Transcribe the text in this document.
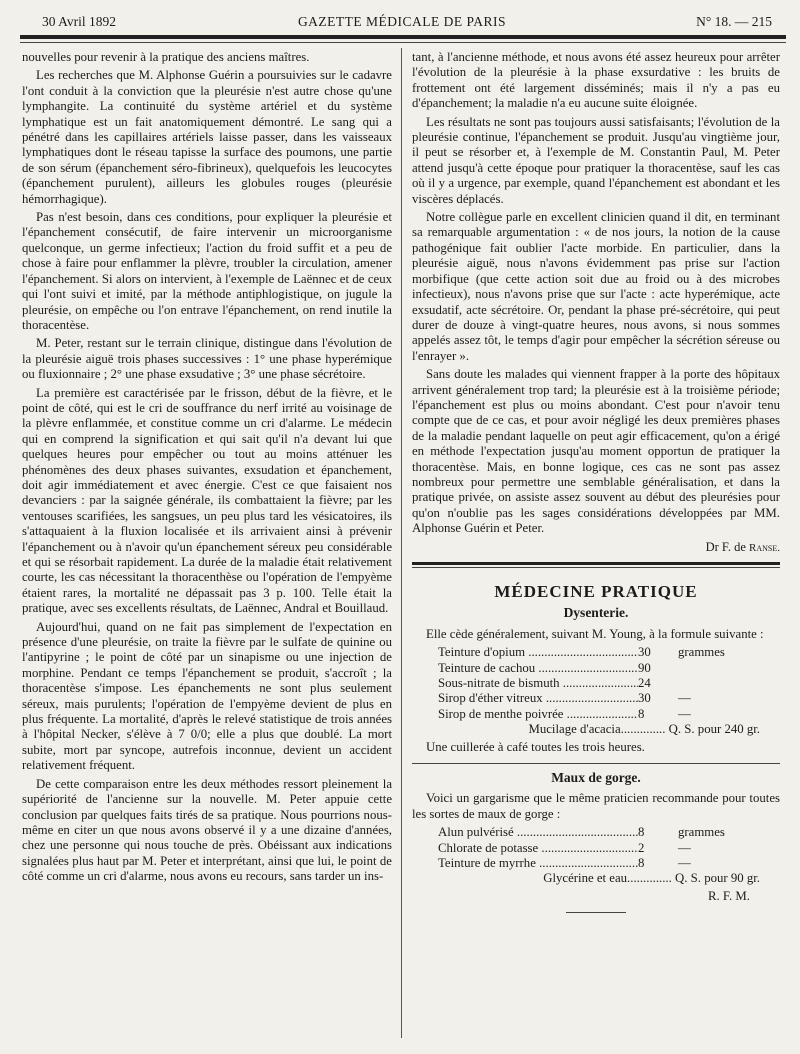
30 Avril 1892	GAZETTE MÉDICALE DE PARIS	N° 18. — 215

nouvelles pour revenir à la pratique des anciens maîtres.

Les recherches que M. Alphonse Guérin a poursuivies sur le cadavre l'ont conduit à la conviction que la pleurésie n'est autre chose qu'une lymphangite. La continuité du système artériel et du système lymphatique est un fait anatomiquement démontré. Le sang qui a pénétré dans les capillaires artériels laisse passer, dans les vaisseaux lymphatiques dont le réseau tapisse la surface des poumons, une partie de son sérum (épanchement séro-fibrineux), quelquefois les leucocytes (épanchement purulent), ailleurs les globules rouges (pleurésie hémorrhagique).

Pas n'est besoin, dans ces conditions, pour expliquer la pleurésie et l'épanchement consécutif, de faire intervenir un microorganisme quelconque, un germe infectieux; l'action du froid suffit et a peu de chose à faire pour enflammer la plèvre, troubler la circulation, amener l'épanchement. Si alors on intervient, à l'exemple de Laënnec et de ceux qui l'ont suivi et imité, par la méthode antiphlogistique, on jugule la pleurésie, on empêche ou l'on entrave l'épanchement, on rend inutile la thoracentèse.

M. Peter, restant sur le terrain clinique, distingue dans l'évolution de la pleurésie aiguë trois phases successives : 1° une phase hyperémique ou fluxionnaire ; 2° une phase exsudative ; 3° une phase sécrétoire.

La première est caractérisée par le frisson, début de la fièvre, et le point de côté, qui est le cri de souffrance du nerf irrité au voisinage de la plèvre enflammée, et constitue comme un cri d'alarme. Le médecin qui en comprend la signification et qui sait qu'il n'a devant lui que quelques heures pour empêcher ou tout au moins atténuer les phénomènes des deux phases suivantes, exsudation et épanchement, doit agir immédiatement et avec énergie. C'est ce que faisaient nos devanciers : par la saignée générale, ils combattaient la fièvre; par les ventouses scarifiées, les sangsues, un peu plus tard les vésicatoires, ils s'attaquaient à la fluxion localisée et ils arrivaient ainsi à prévenir l'épanchement ou à n'avoir qu'un épanchement séreux peu considérable et qui se résorbait rapidement. La durée de la maladie était relativement courte, les cas nécessitant la thoracenthèse ou l'opération de l'empyème étaient rares, la mortalité ne dépassait pas 3 p. 100. Telle était la pratique, avec ses excellents résultats, de Laënnec, Andral et Bouillaud.

Aujourd'hui, quand on ne fait pas simplement de l'expectation en présence d'une pleurésie, on traite la fièvre par le sulfate de quinine ou l'antipyrine ; le point de côté par un sinapisme ou une injection de morphine. Pendant ce temps l'épanchement se produit, s'accroît ; la thoracentèse s'impose. Les épanchements ne sont plus seulement séreux, mais purulents; l'opération de l'empyème devient de plus en plus fréquente. La mortalité, d'après le relevé statistique de trois années à l'hôpital Necker, s'élève à 7 0/0; elle a plus que doublé. La mort subite, mort par syncope, autrefois inconnue, devient un accident relativement fréquent.

De cette comparaison entre les deux méthodes ressort pleinement la supériorité de l'ancienne sur la nouvelle. M. Peter appuie cette conclusion par quelques faits tirés de sa pratique. Nous pourrions nous-même en citer un que nous avons observé il y a une dizaine d'années, chez une personne qui nous touche de près. Obéissant aux indications signalées plus haut par M. Peter et interprétant, ainsi que lui, le point de côté comme un cri d'alarme, nous avons eu recours, sans tarder un ins-

tant, à l'ancienne méthode, et nous avons été assez heureux pour arrêter l'évolution de la pleurésie à la phase exsurdative : les bruits de frottement ont été largement disséminés; mais il n'y a pas eu d'épanchement; la maladie n'a eu aucune suite éloignée.

Les résultats ne sont pas toujours aussi satisfaisants; l'évolution de la pleurésie continue, l'épanchement se produit. Jusqu'au vingtième jour, il peut se résorber et, à l'exemple de M. Constantin Paul, M. Peter attend jusqu'à cette époque pour pratiquer la thoracentèse, sauf les cas où il y a urgence, par exemple, quand l'épanchement est abondant et les viscères déplacés.

Notre collègue parle en excellent clinicien quand il dit, en terminant sa remarquable argumentation : « de nos jours, la notion de la cause pathogénique fait oublier l'acte morbide. En particulier, dans la pleurésie aiguë, nous n'avons évidemment pas prise sur l'action morbifique (que cette action soit due au froid ou à des microbes infectieux), nous n'avons prise que sur l'acte : acte hyperémique, acte exsudatif, acte sécrétoire. Or, pendant la phase pré-sécrétoire, qui peut durer de douze à vingt-quatre heures, nous avons, si nous sommes appelés assez tôt, le temps d'agir pour empêcher la sécrétion séreuse ou l'enrayer ».

Sans doute les malades qui viennent frapper à la porte des hôpitaux arrivent généralement trop tard; la pleurésie est à la troisième période; l'épanchement est plus ou moins abondant. C'est pour n'avoir tenu compte que de ce cas, et pour avoir négligé les deux premières phases de la maladie pendant laquelle on peut agir efficacement, qu'on a érigé en méthode l'expectation jusqu'au moment opportun de pratiquer la thoracentèse. Mais, en bonne logique, ces cas ne sont pas assez nombreux pour permettre une semblable généralisation, et dans la pratique privée, on assiste assez souvent au début des pleurésies pour qu'on n'oublie pas les sages considérations développées par MM. Alphonse Guérin et Peter.

Dr F. de Ranse.
MÉDECINE PRATIQUE
Dysenterie.

Elle cède généralement, suivant M. Young, à la formule suivante :

Teinture d'opium .....	30	grammes
Teinture de cachou .....	90
Sous-nitrate de bismuth .....	24
Sirop d'éther vitreux .....	30	—
Sirop de menthe poivrée .....	8	—
Mucilage d'acacia.............. Q. S. pour 240 gr.

Une cuillerée à café toutes les trois heures.

Maux de gorge.

Voici un gargarisme que le même praticien recommande pour toutes les sortes de maux de gorge :

Alun pulvérisé .....	8	grammes
Chlorate de potasse .....	2	—
Teinture de myrrhe .....	8	—
Glycérine et eau.............. Q. S. pour 90 gr.
R. F. M.
